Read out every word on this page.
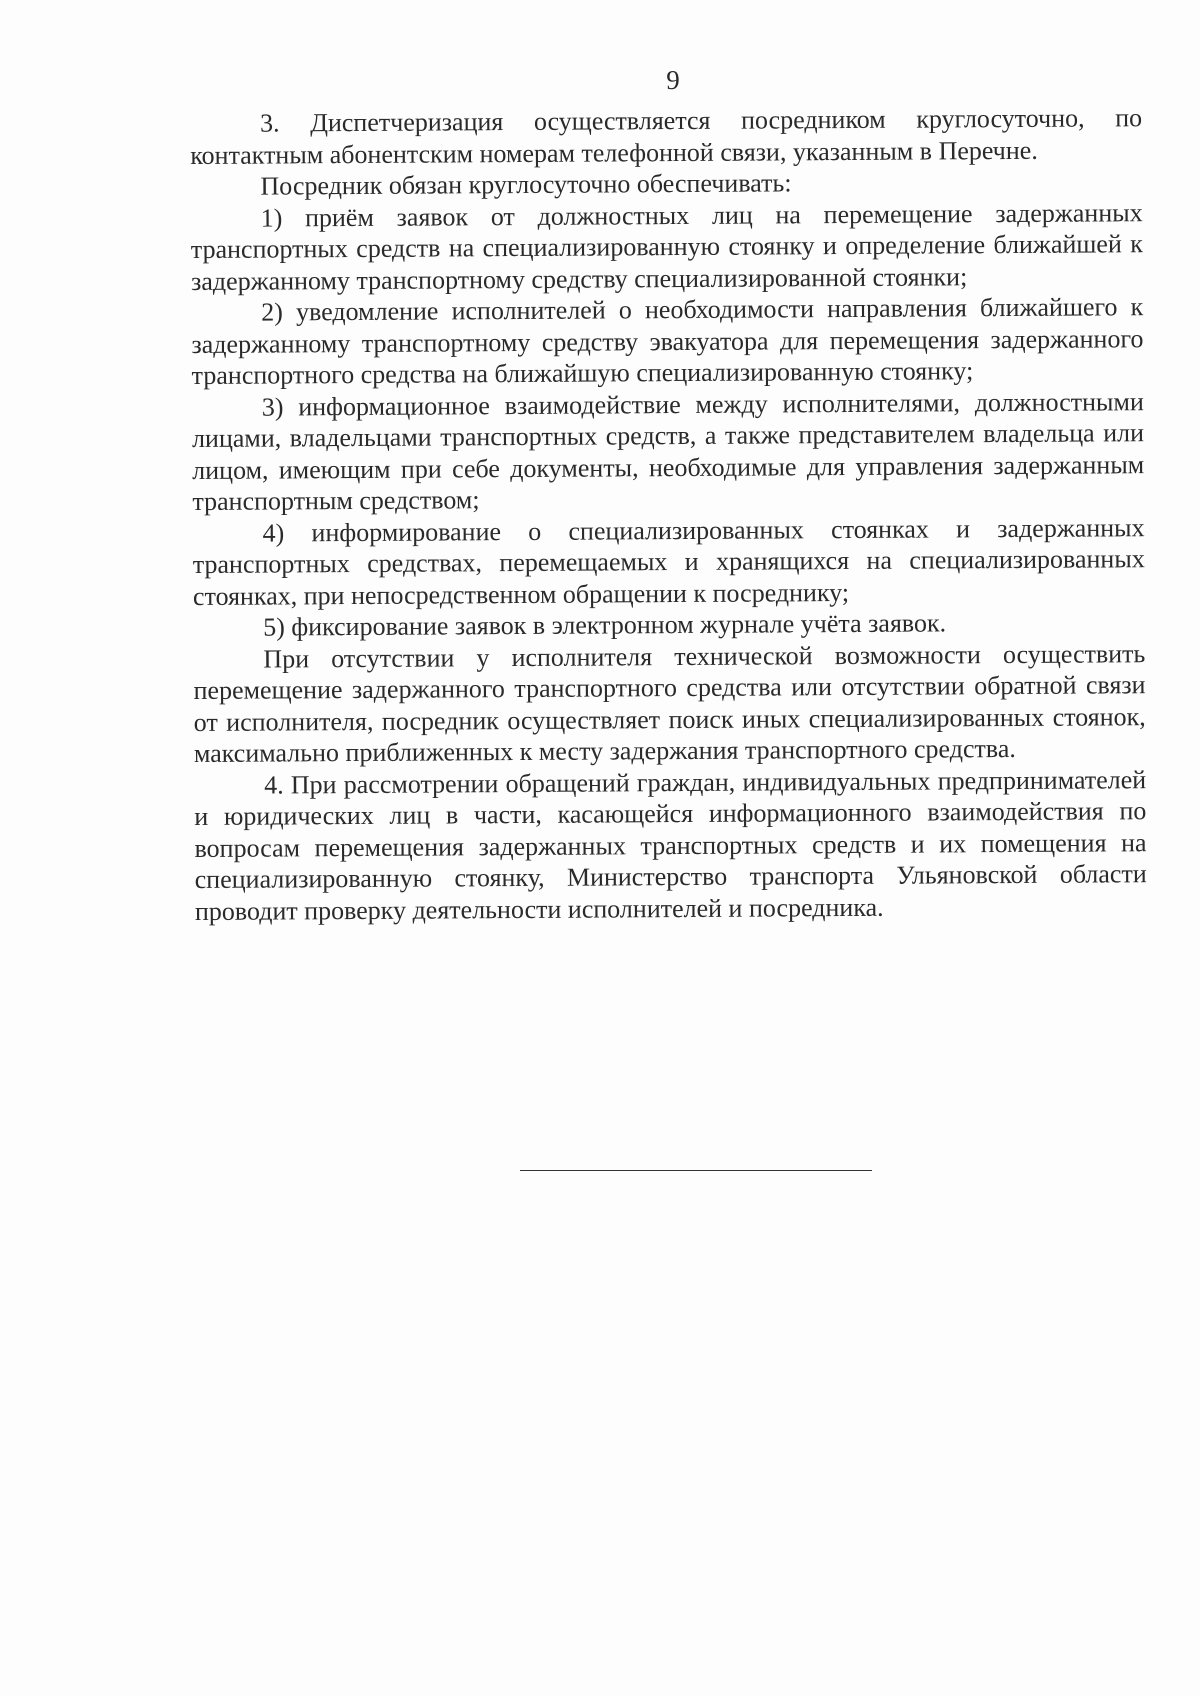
9

3. Диспетчеризация осуществляется посредником круглосуточно, по контактным абонентским номерам телефонной связи, указанным в Перечне.

Посредник обязан круглосуточно обеспечивать:

1) приём заявок от должностных лиц на перемещение задержанных транспортных средств на специализированную стоянку и определение ближайшей к задержанному транспортному средству специализированной стоянки;

2) уведомление исполнителей о необходимости направления ближайшего к задержанному транспортному средству эвакуатора для перемещения задержанного транспортного средства на ближайшую специализированную стоянку;

3) информационное взаимодействие между исполнителями, должностными лицами, владельцами транспортных средств, а также представителем владельца или лицом, имеющим при себе документы, необходимые для управления задержанным транспортным средством;

4) информирование о специализированных стоянках и задержанных транспортных средствах, перемещаемых и хранящихся на специализированных стоянках, при непосредственном обращении к посреднику;

5) фиксирование заявок в электронном журнале учёта заявок.

При отсутствии у исполнителя технической возможности осуществить перемещение задержанного транспортного средства или отсутствии обратной связи от исполнителя, посредник осуществляет поиск иных специализированных стоянок, максимально приближенных к месту задержания транспортного средства.

4. При рассмотрении обращений граждан, индивидуальных предпринимателей и юридических лиц в части, касающейся информационного взаимодействия по вопросам перемещения задержанных транспортных средств и их помещения на специализированную стоянку, Министерство транспорта Ульяновской области проводит проверку деятельности исполнителей и посредника.
